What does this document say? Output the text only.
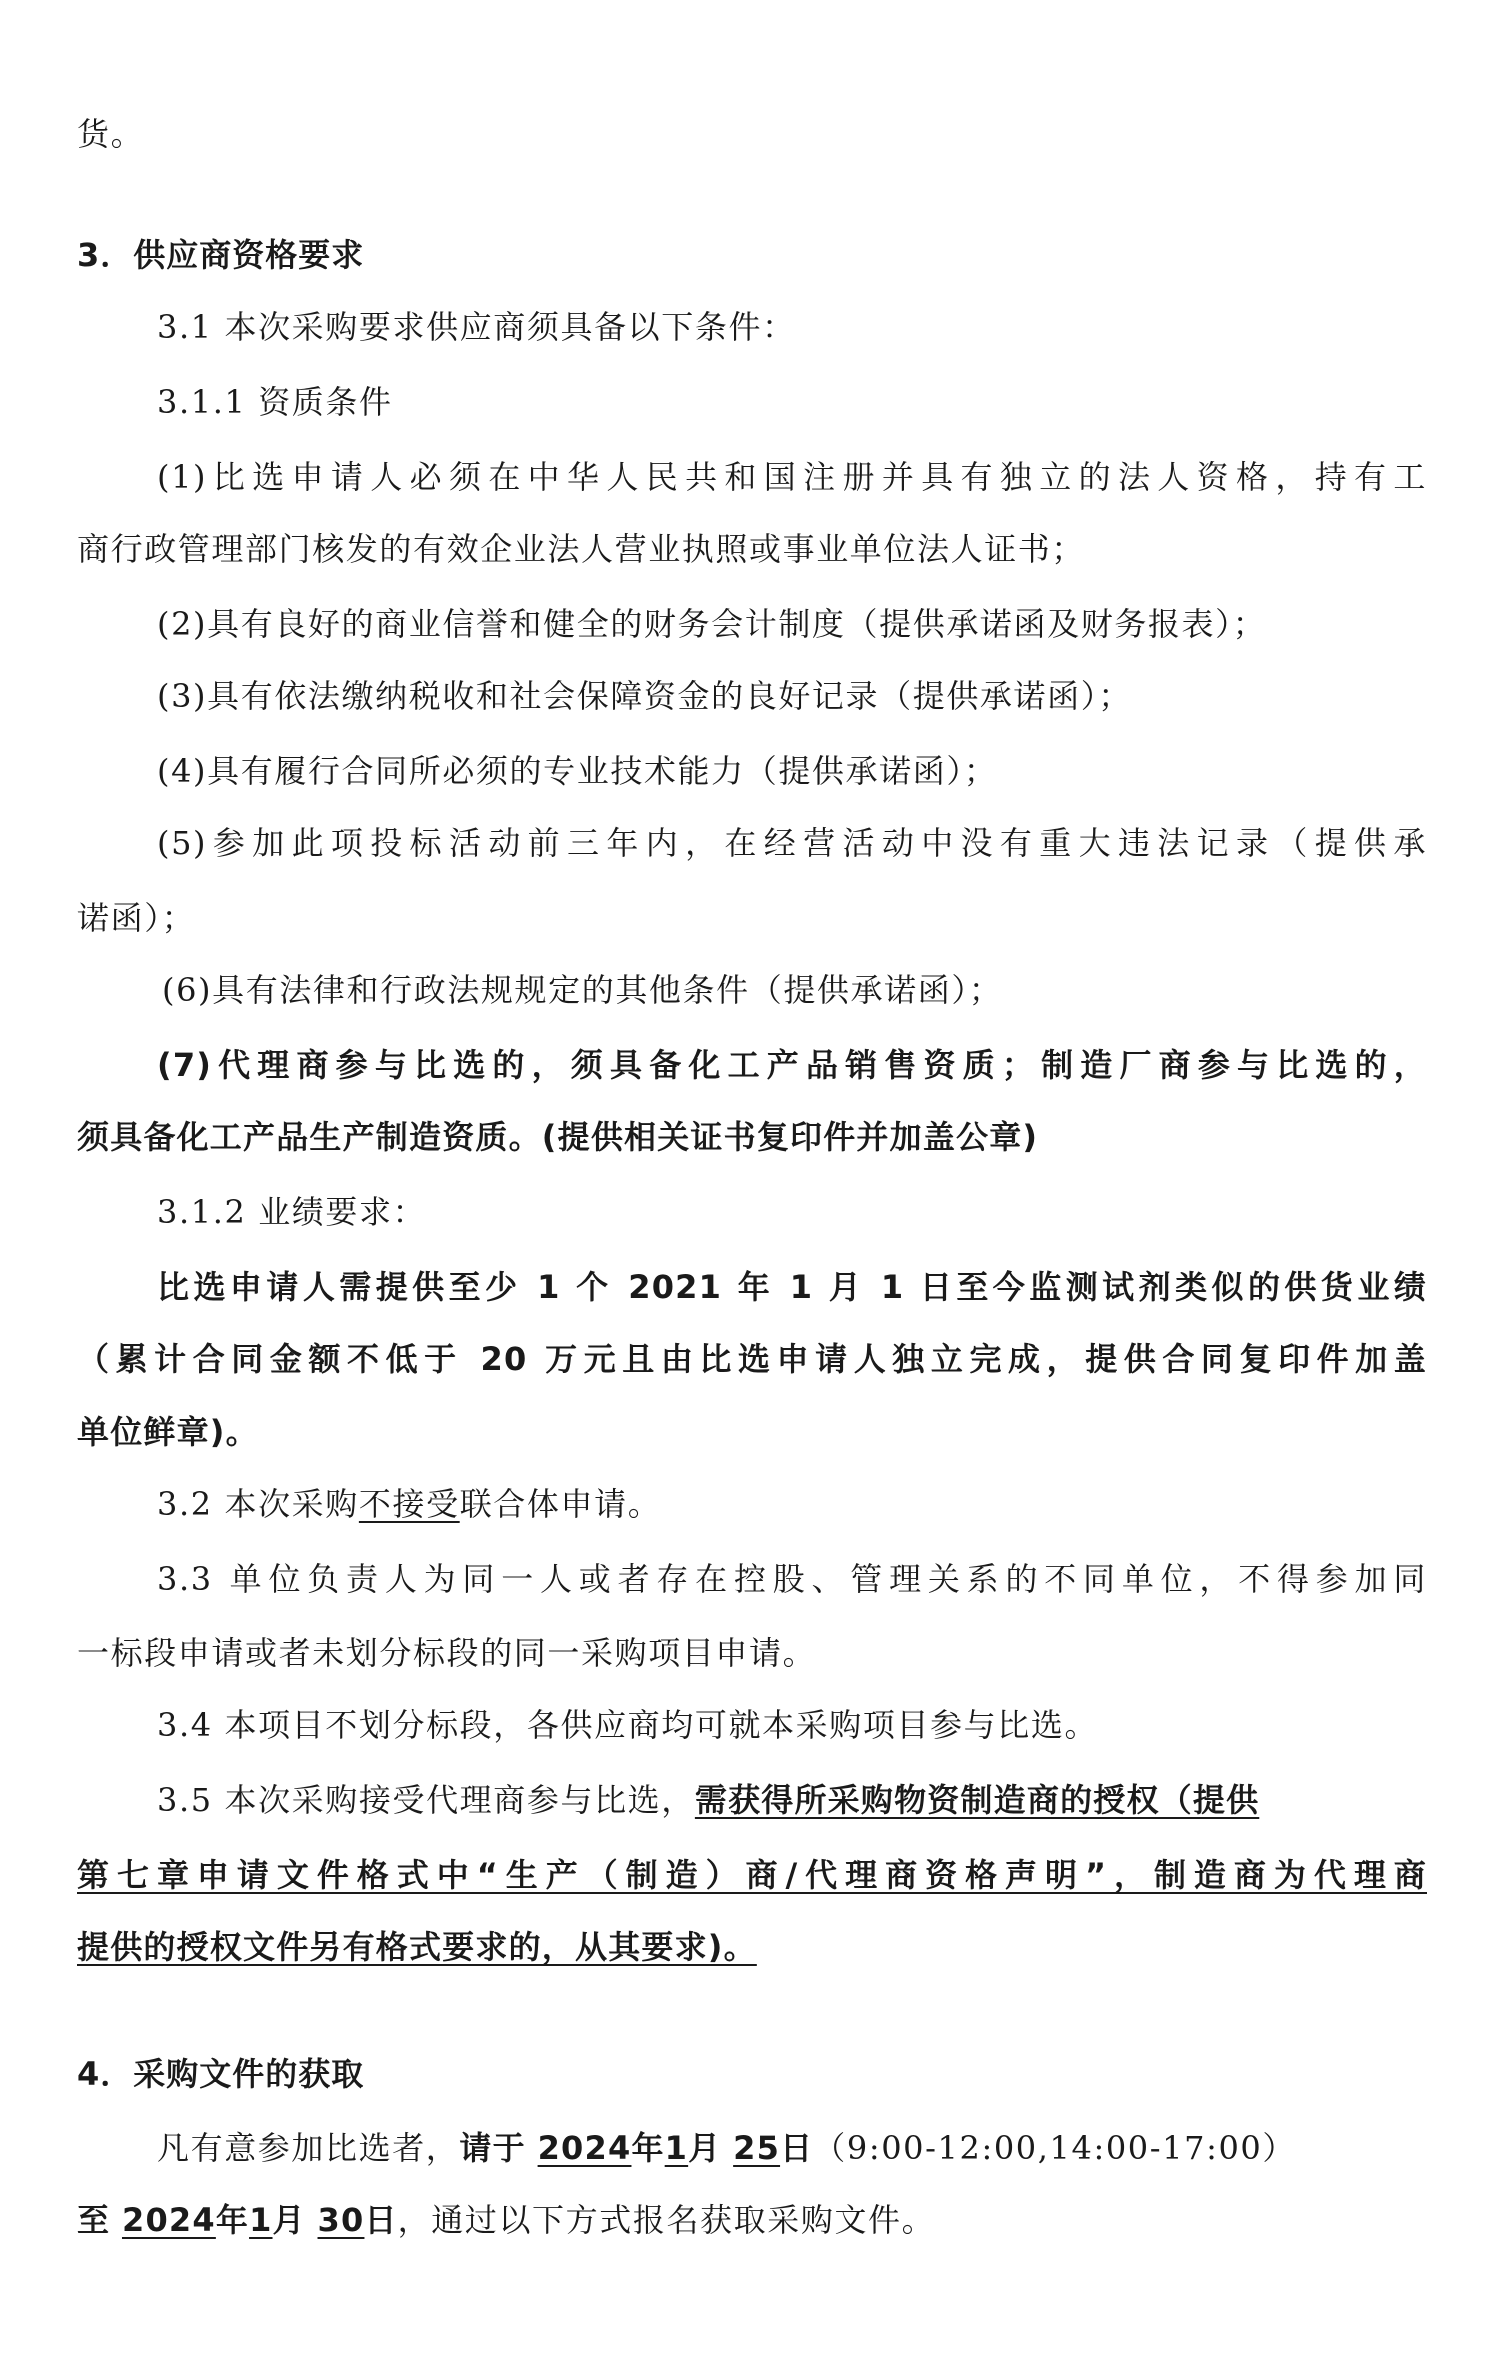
货。
3．供应商资格要求
3.1 本次采购要求供应商须具备以下条件：
3.1.1 资质条件
(1)比选申请人必须在中华人民共和国注册并具有独立的法人资格，持有工
商行政管理部门核发的有效企业法人营业执照或事业单位法人证书；
(2)具有良好的商业信誉和健全的财务会计制度（提供承诺函及财务报表）；
(3)具有依法缴纳税收和社会保障资金的良好记录（提供承诺函）；
(4)具有履行合同所必须的专业技术能力（提供承诺函）；
(5)参加此项投标活动前三年内，在经营活动中没有重大违法记录（提供承
诺函）；
(6)具有法律和行政法规规定的其他条件（提供承诺函）；
(7)代理商参与比选的，须具备化工产品销售资质；制造厂商参与比选的，
须具备化工产品生产制造资质。(提供相关证书复印件并加盖公章)
3.1.2 业绩要求：
比选申请人需提供至少 1 个 2021 年 1 月 1 日至今监测试剂类似的供货业绩
（累计合同金额不低于 20 万元且由比选申请人独立完成，提供合同复印件加盖
单位鲜章)。
3.2 本次采购不接受联合体申请。
3.3 单位负责人为同一人或者存在控股、管理关系的不同单位，不得参加同
一标段申请或者未划分标段的同一采购项目申请。
3.4 本项目不划分标段，各供应商均可就本采购项目参与比选。
3.5 本次采购接受代理商参与比选，需获得所采购物资制造商的授权（提供
第七章申请文件格式中“生产（制造）商/代理商资格声明”，制造商为代理商
提供的授权文件另有格式要求的，从其要求)。
4．采购文件的获取
凡有意参加比选者，请于 2024年1月 25日（9:00-12:00,14:00-17:00）
至 2024年1月 30日，通过以下方式报名获取采购文件。
